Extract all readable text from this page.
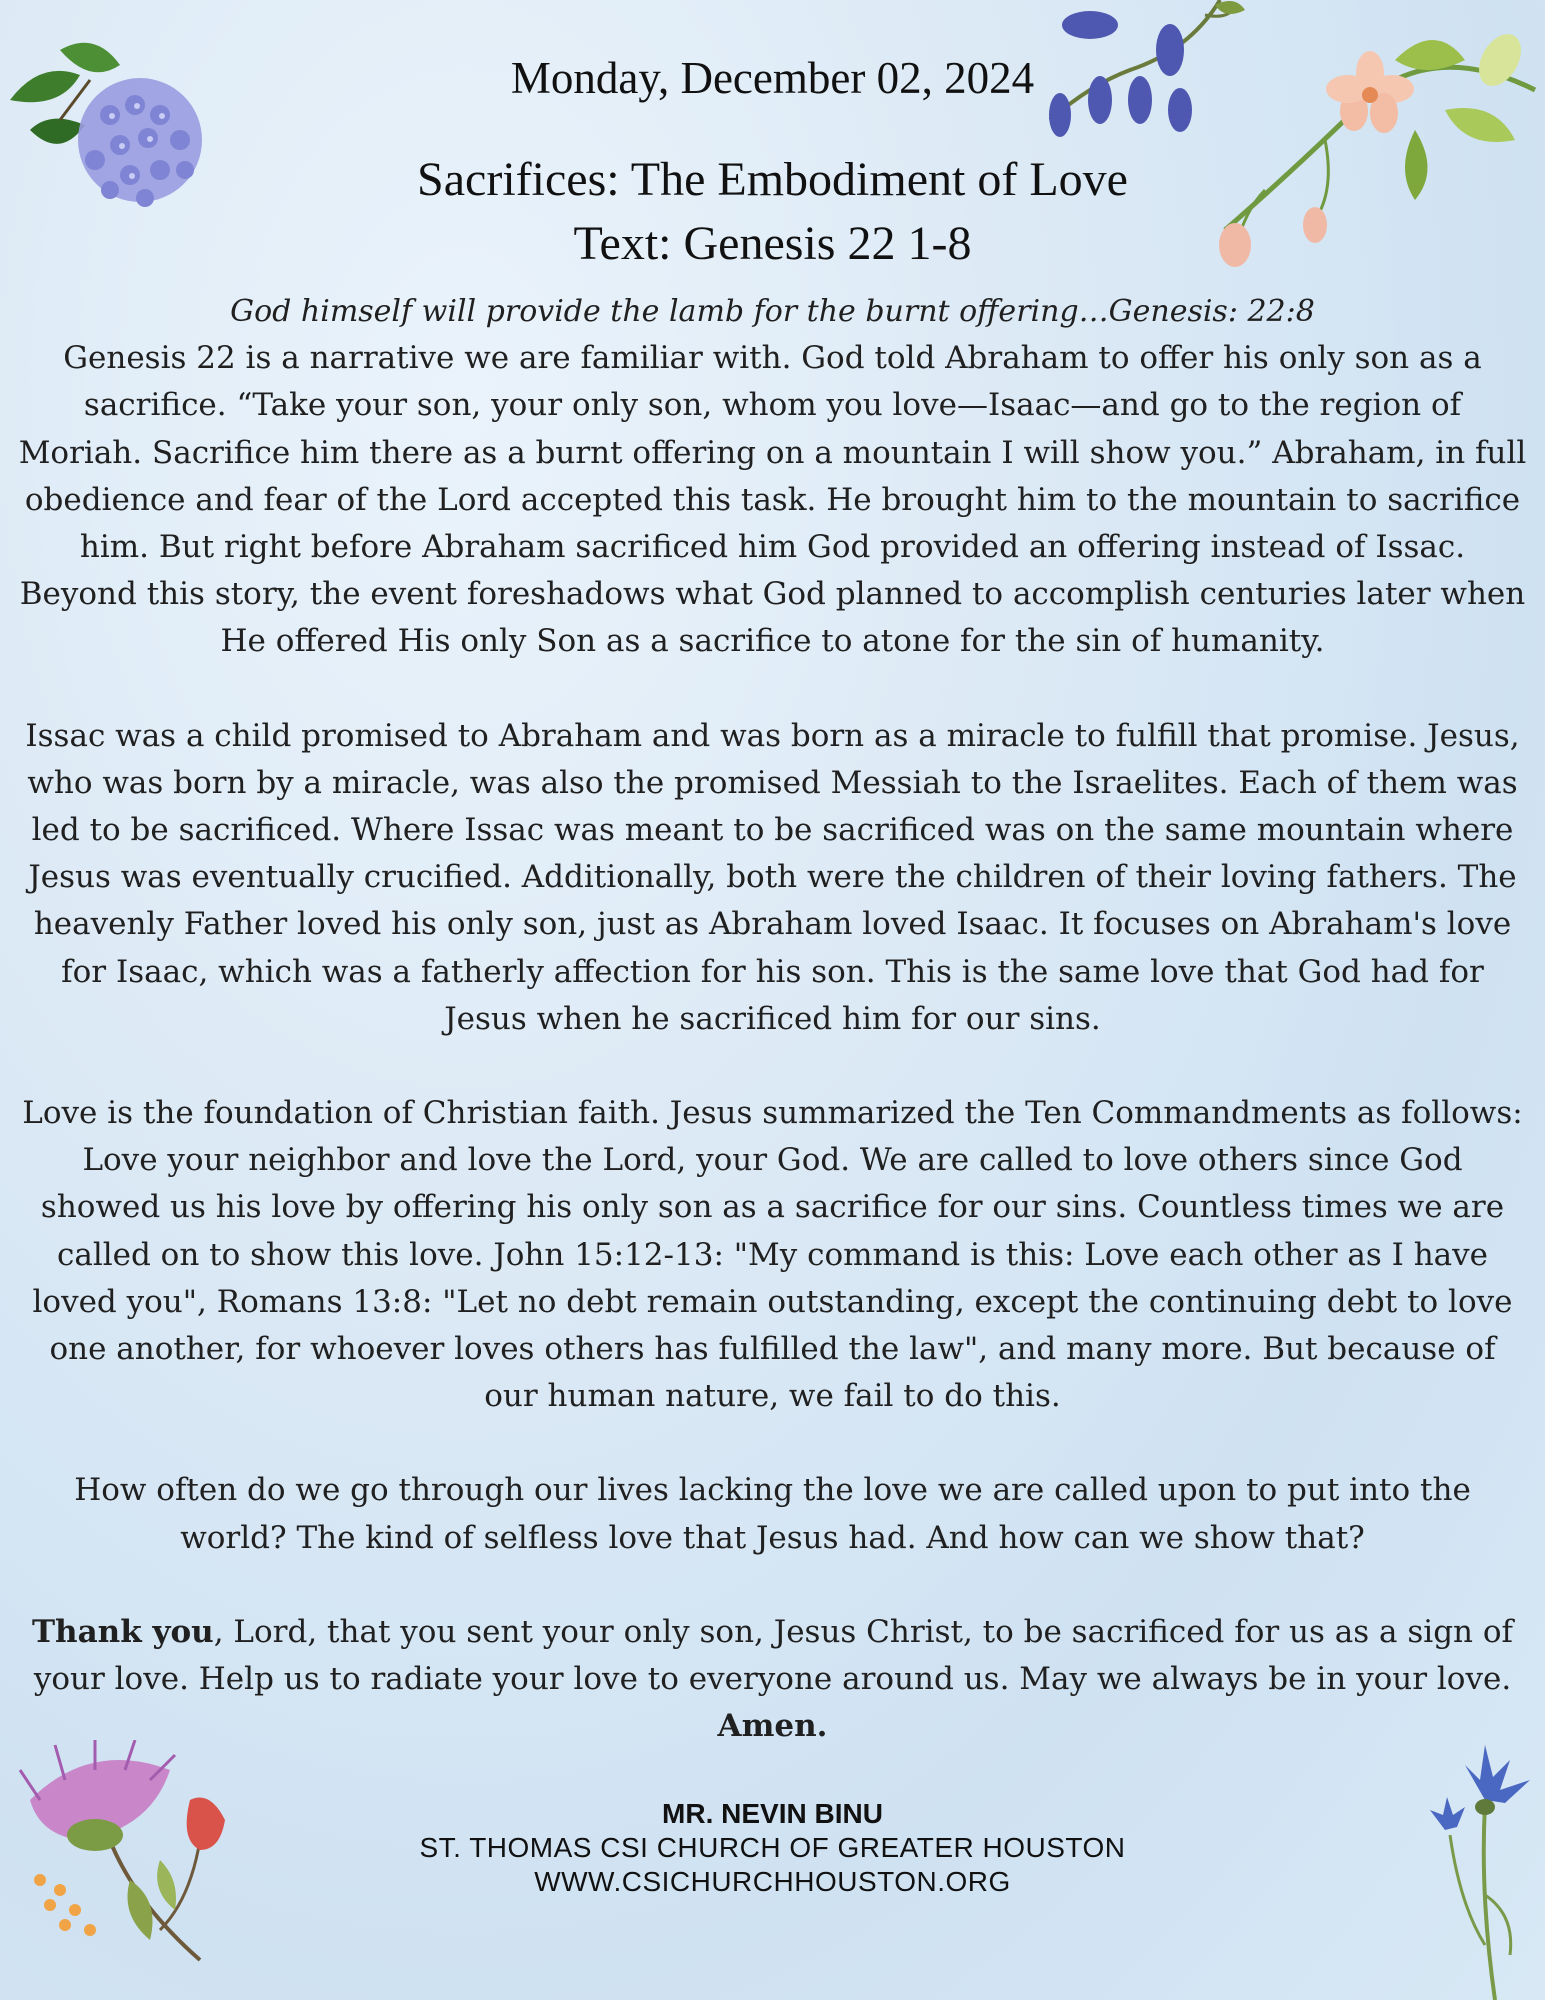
Monday, December 02, 2024
Sacrifices: The Embodiment of Love
Text: Genesis 22 1-8
God himself will provide the lamb for the burnt offering…Genesis: 22:8
Genesis 22 is a narrative we are familiar with. God told Abraham to offer his only son as a sacrifice. “Take your son, your only son, whom you love—Isaac—and go to the region of Moriah. Sacrifice him there as a burnt offering on a mountain I will show you.” Abraham, in full obedience and fear of the Lord accepted this task. He brought him to the mountain to sacrifice him. But right before Abraham sacrificed him God provided an offering instead of Issac. Beyond this story, the event foreshadows what God planned to accomplish centuries later when He offered His only Son as a sacrifice to atone for the sin of humanity.
Issac was a child promised to Abraham and was born as a miracle to fulfill that promise. Jesus, who was born by a miracle, was also the promised Messiah to the Israelites. Each of them was led to be sacrificed. Where Issac was meant to be sacrificed was on the same mountain where Jesus was eventually crucified. Additionally, both were the children of their loving fathers. The heavenly Father loved his only son, just as Abraham loved Isaac. It focuses on Abraham's love for Isaac, which was a fatherly affection for his son. This is the same love that God had for Jesus when he sacrificed him for our sins.
Love is the foundation of Christian faith. Jesus summarized the Ten Commandments as follows: Love your neighbor and love the Lord, your God. We are called to love others since God showed us his love by offering his only son as a sacrifice for our sins. Countless times we are called on to show this love. John 15:12-13: "My command is this: Love each other as I have loved you", Romans 13:8: "Let no debt remain outstanding, except the continuing debt to love one another, for whoever loves others has fulfilled the law", and many more. But because of our human nature, we fail to do this.
How often do we go through our lives lacking the love we are called upon to put into the world? The kind of selfless love that Jesus had. And how can we show that?
Thank you, Lord, that you sent your only son, Jesus Christ, to be sacrificed for us as a sign of your love. Help us to radiate your love to everyone around us. May we always be in your love. Amen.
MR. NEVIN BINU
ST. THOMAS CSI CHURCH OF GREATER HOUSTON
WWW.CSICHURCHHOUSTON.ORG
